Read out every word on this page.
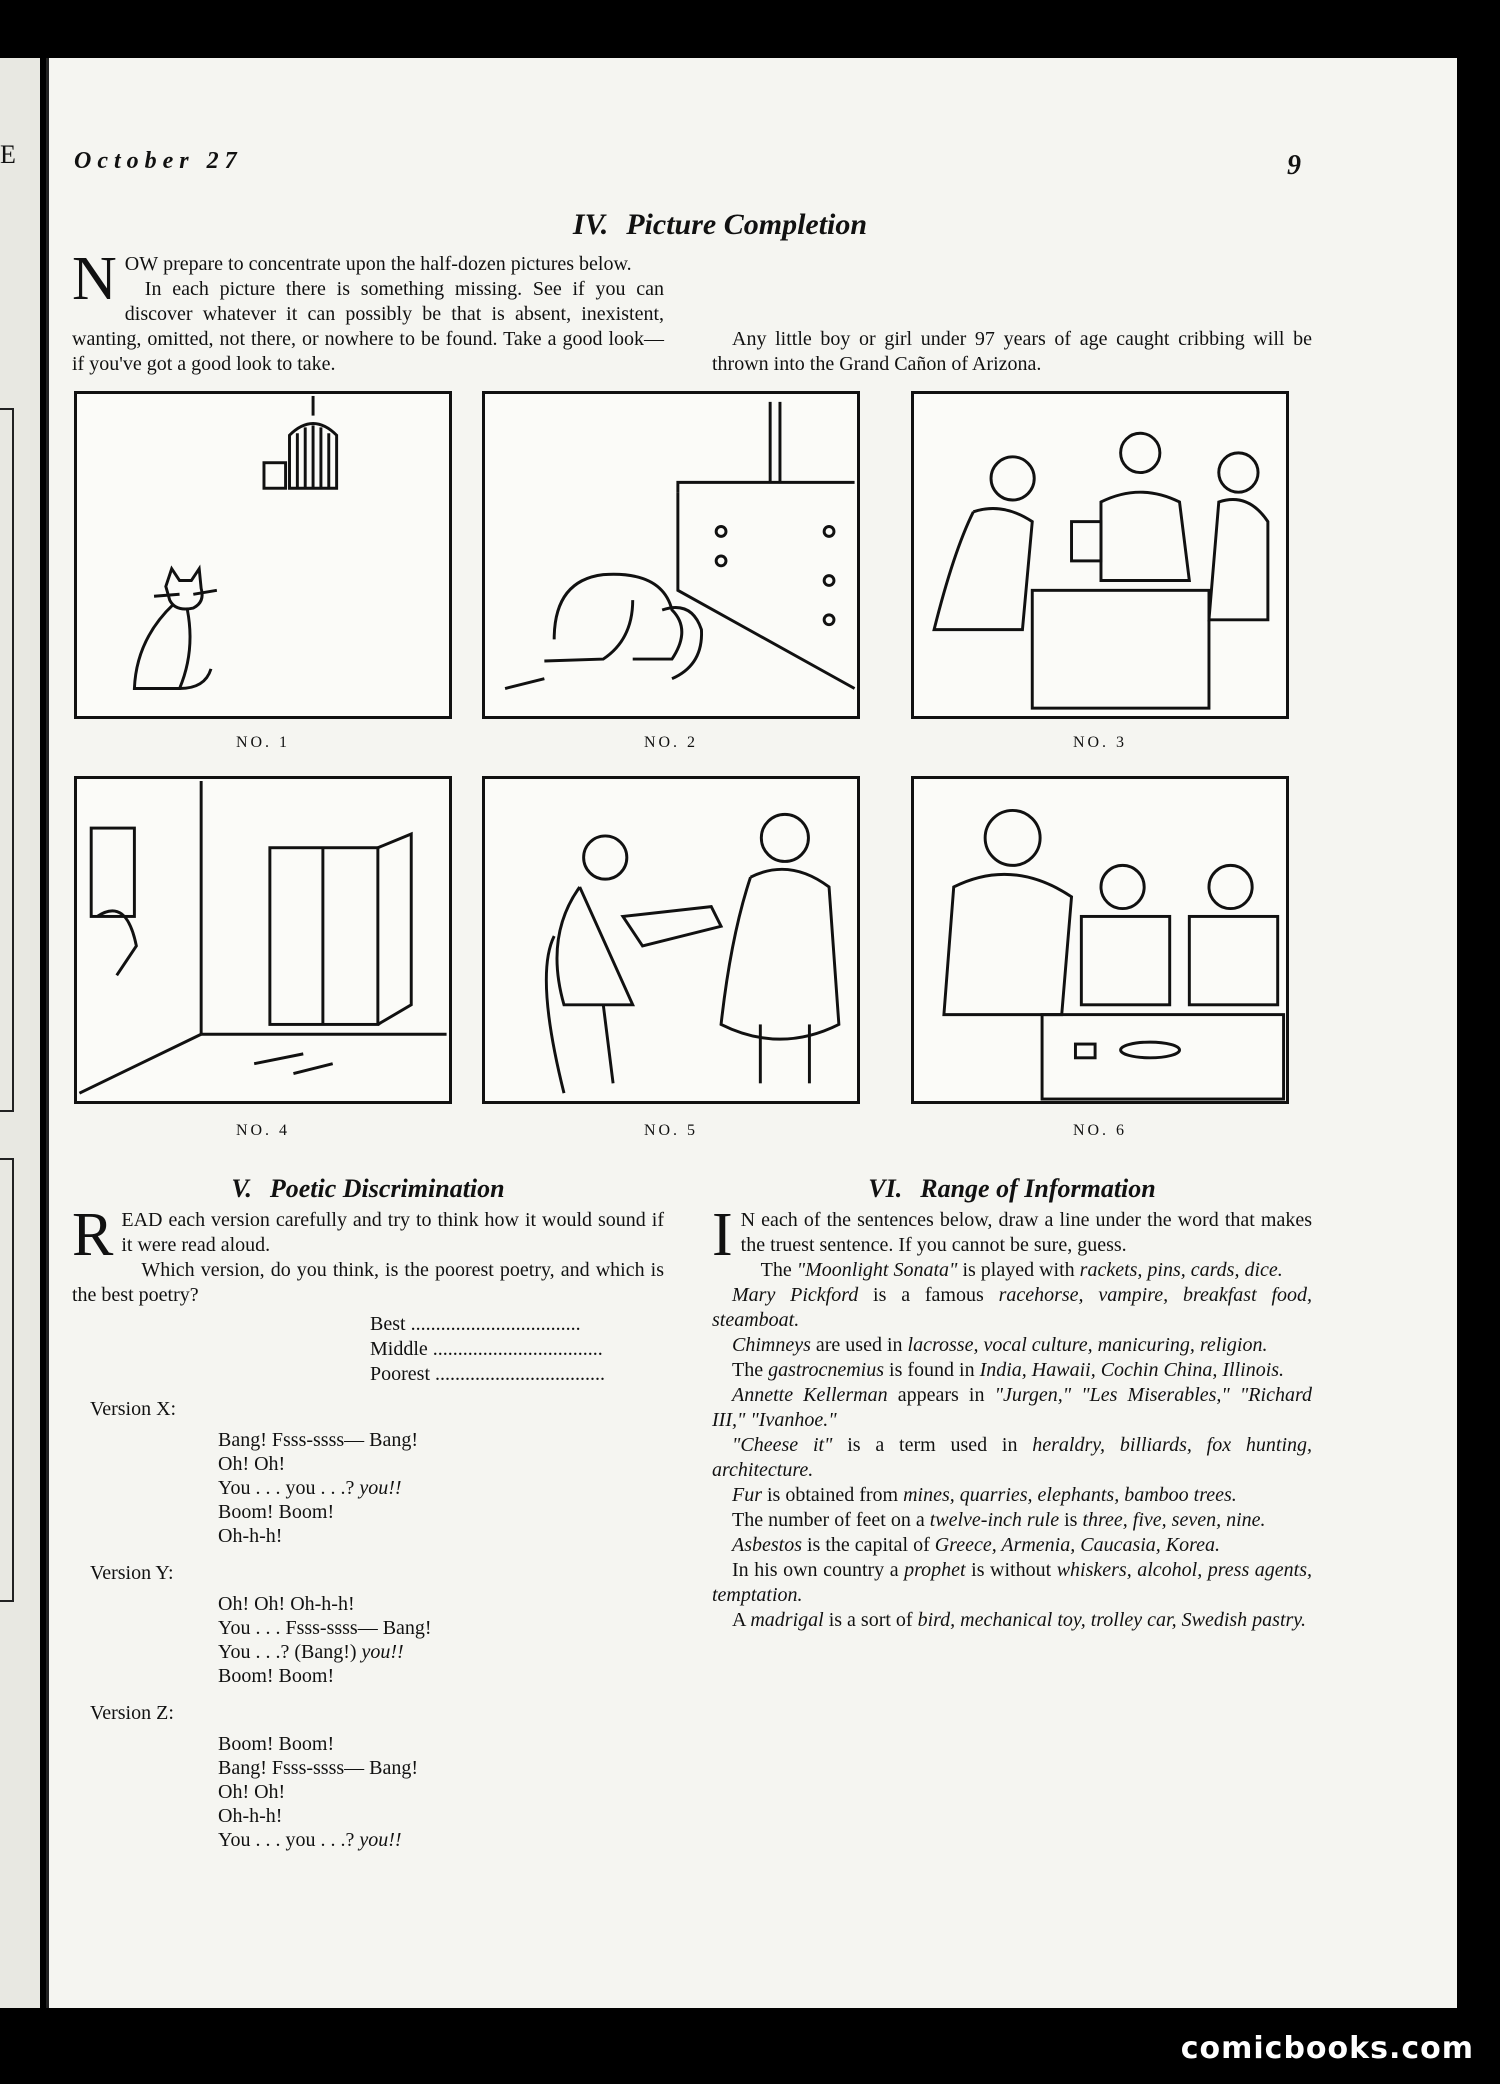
E October 27	9
IV. Picture Completion

NOW prepare to concentrate upon the half-dozen pictures below.

In each picture there is something missing. See if you can discover whatever it can possibly be that is absent, inexistent, wanting, omitted, not there, or nowhere to be found. Take a good look—if you've got a good look to take.

Any little boy or girl under 97 years of age caught cribbing will be thrown into the Grand Cañon of Arizona.

NO. 1	NO. 2	NO. 3
NO. 4	NO. 5	NO. 6
V. Poetic Discrimination

READ each version carefully and try to think how it would sound if it were read aloud.

Which version, do you think, is the poorest poetry, and which is the best poetry?

Best ..................................
Middle ..................................
Poorest ..................................
Version X:
Bang! Fsss-ssss— Bang!
Oh! Oh!
You . . . you . . .? you!!
Boom! Boom!
Oh-h-h!
Version Y:
Oh! Oh! Oh-h-h!
You . . . Fsss-ssss— Bang!
You . . .? (Bang!) you!!
Boom! Boom!
Version Z:
Boom! Boom!
Bang! Fsss-ssss— Bang!
Oh! Oh!
Oh-h-h!
You . . . you . . .? you!!
VI. Range of Information

I N each of the sentences below, draw a line under the word that makes the truest sentence. If you cannot be sure, guess.

The "Moonlight Sonata" is played with rackets, pins, cards, dice.

Mary Pickford is a famous racehorse, vampire, breakfast food, steamboat.

Chimneys are used in lacrosse, vocal culture, manicuring, religion.

The gastrocnemius is found in India, Hawaii, Cochin China, Illinois.

Annette Kellerman appears in "Jurgen," "Les Miserables," "Richard III," "Ivanhoe."

"Cheese it" is a term used in heraldry, billiards, fox hunting, architecture.

Fur is obtained from mines, quarries, elephants, bamboo trees.

The number of feet on a twelve-inch rule is three, five, seven, nine.

Asbestos is the capital of Greece, Armenia, Caucasia, Korea.

In his own country a prophet is without whiskers, alcohol, press agents, temptation.

A madrigal is a sort of bird, mechanical toy, trolley car, Swedish pastry.

comicbooks.com
